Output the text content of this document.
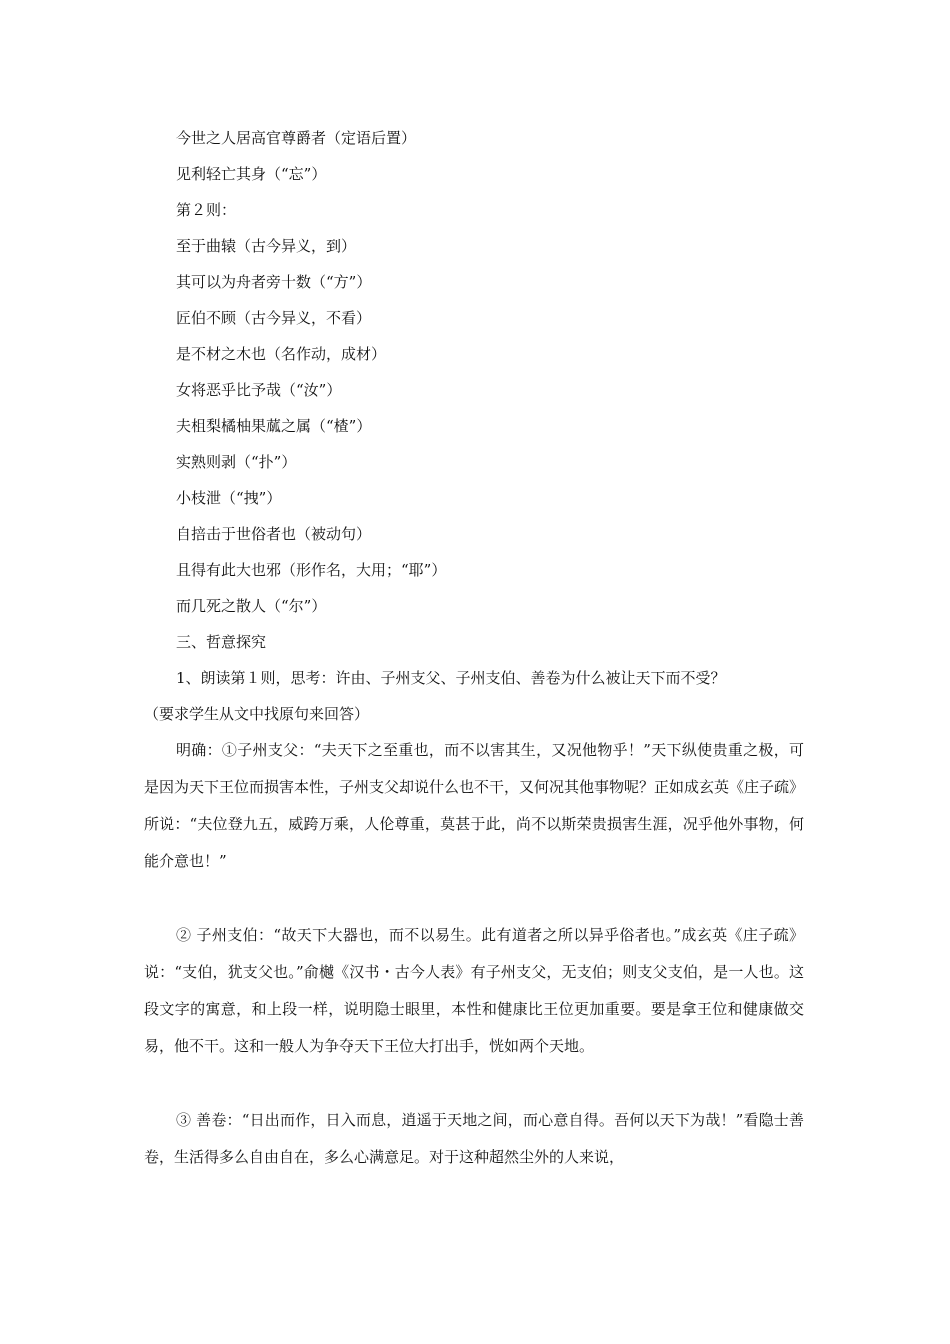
今世之人居高官尊爵者（定语后置）
见利轻亡其身（“忘”）
第２则：
至于曲辕（古今异义，到）
其可以为舟者旁十数（“方”）
匠伯不顾（古今异义，不看）
是不材之木也（名作动，成材）
女将恶乎比予哉（“汝”）
夫柤梨橘柚果蓏之属（“楂”）
实熟则剥（“扑”）
小枝泄（“拽”）
自掊击于世俗者也（被动句）
且得有此大也邪（形作名，大用；“耶”）
而几死之散人（“尔”）
三、哲意探究
1、朗读第１则，思考：许由、子州支父、子州支伯、善卷为什么被让天下而不受？
（要求学生从文中找原句来回答）

明确：①子州支父：“夫天下之至重也，而不以害其生，又况他物乎！”天下纵使贵重之极，可是因为天下王位而损害本性，子州支父却说什么也不干，又何况其他事物呢？正如成玄英《庄子疏》所说：“夫位登九五，威跨万乘，人伦尊重，莫甚于此，尚不以斯荣贵损害生涯，况乎他外事物，何能介意也！”

② 子州支伯：“故天下大器也，而不以易生。此有道者之所以异乎俗者也。”成玄英《庄子疏》说：“支伯，犹支父也。”俞樾《汉书・古今人表》有子州支父，无支伯；则支父支伯，是一人也。这段文字的寓意，和上段一样，说明隐士眼里，本性和健康比王位更加重要。要是拿王位和健康做交易，他不干。这和一般人为争夺天下王位大打出手，恍如两个天地。

③ 善卷：“日出而作，日入而息，逍遥于天地之间，而心意自得。吾何以天下为哉！”看隐士善卷，生活得多么自由自在，多么心满意足。对于这种超然尘外的人来说，
